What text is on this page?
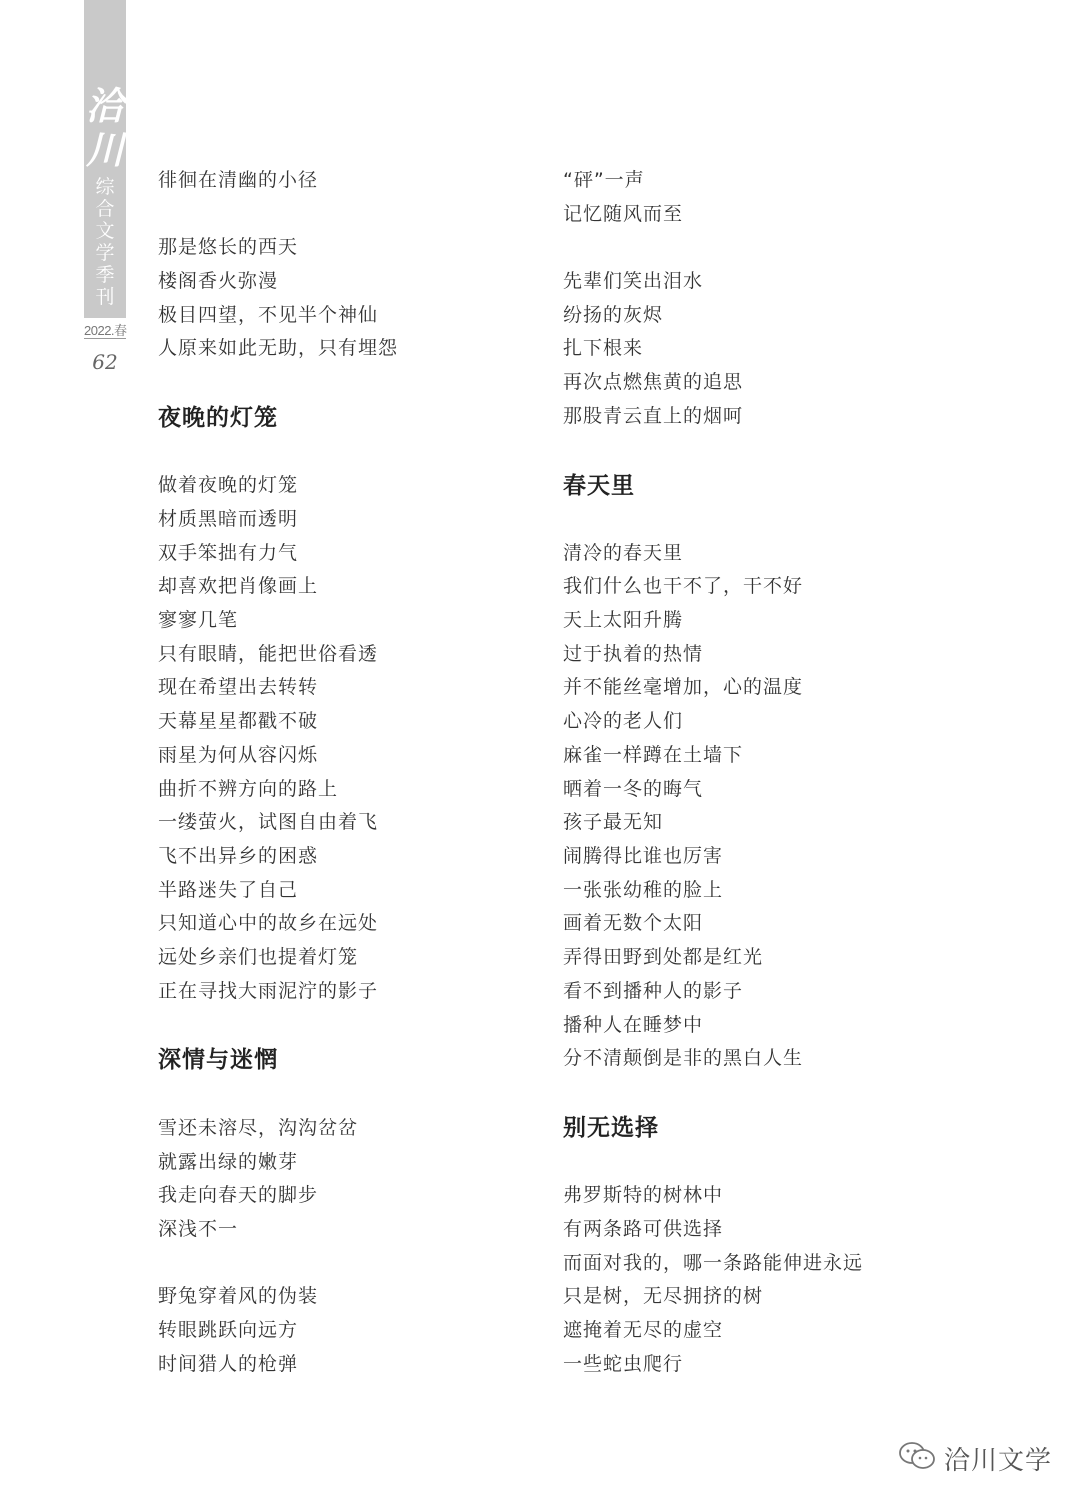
洽
川
综
合
文
学
季
刊
2022.春
62
徘徊在清幽的小径
那是悠长的西天
楼阁香火弥漫
极目四望，不见半个神仙
人原来如此无助，只有埋怨
夜晚的灯笼
做着夜晚的灯笼
材质黑暗而透明
双手笨拙有力气
却喜欢把肖像画上
寥寥几笔
只有眼睛，能把世俗看透
现在希望出去转转
天幕星星都戳不破
雨星为何从容闪烁
曲折不辨方向的路上
一缕萤火，试图自由着飞
飞不出异乡的困惑
半路迷失了自己
只知道心中的故乡在远处
远处乡亲们也提着灯笼
正在寻找大雨泥泞的影子
深情与迷惘
雪还未溶尽，沟沟岔岔
就露出绿的嫩芽
我走向春天的脚步
深浅不一
野兔穿着风的伪装
转眼跳跃向远方
时间猎人的枪弹
“砰”一声
记忆随风而至
先辈们笑出泪水
纷扬的灰烬
扎下根来
再次点燃焦黄的追思
那股青云直上的烟呵
春天里
清冷的春天里
我们什么也干不了，干不好
天上太阳升腾
过于执着的热情
并不能丝毫增加，心的温度
心冷的老人们
麻雀一样蹲在土墙下
晒着一冬的晦气
孩子最无知
闹腾得比谁也厉害
一张张幼稚的脸上
画着无数个太阳
弄得田野到处都是红光
看不到播种人的影子
播种人在睡梦中
分不清颠倒是非的黑白人生
别无选择
弗罗斯特的树林中
有两条路可供选择
而面对我的，哪一条路能伸进永远
只是树，无尽拥挤的树
遮掩着无尽的虚空
一些蛇虫爬行
洽川文学
